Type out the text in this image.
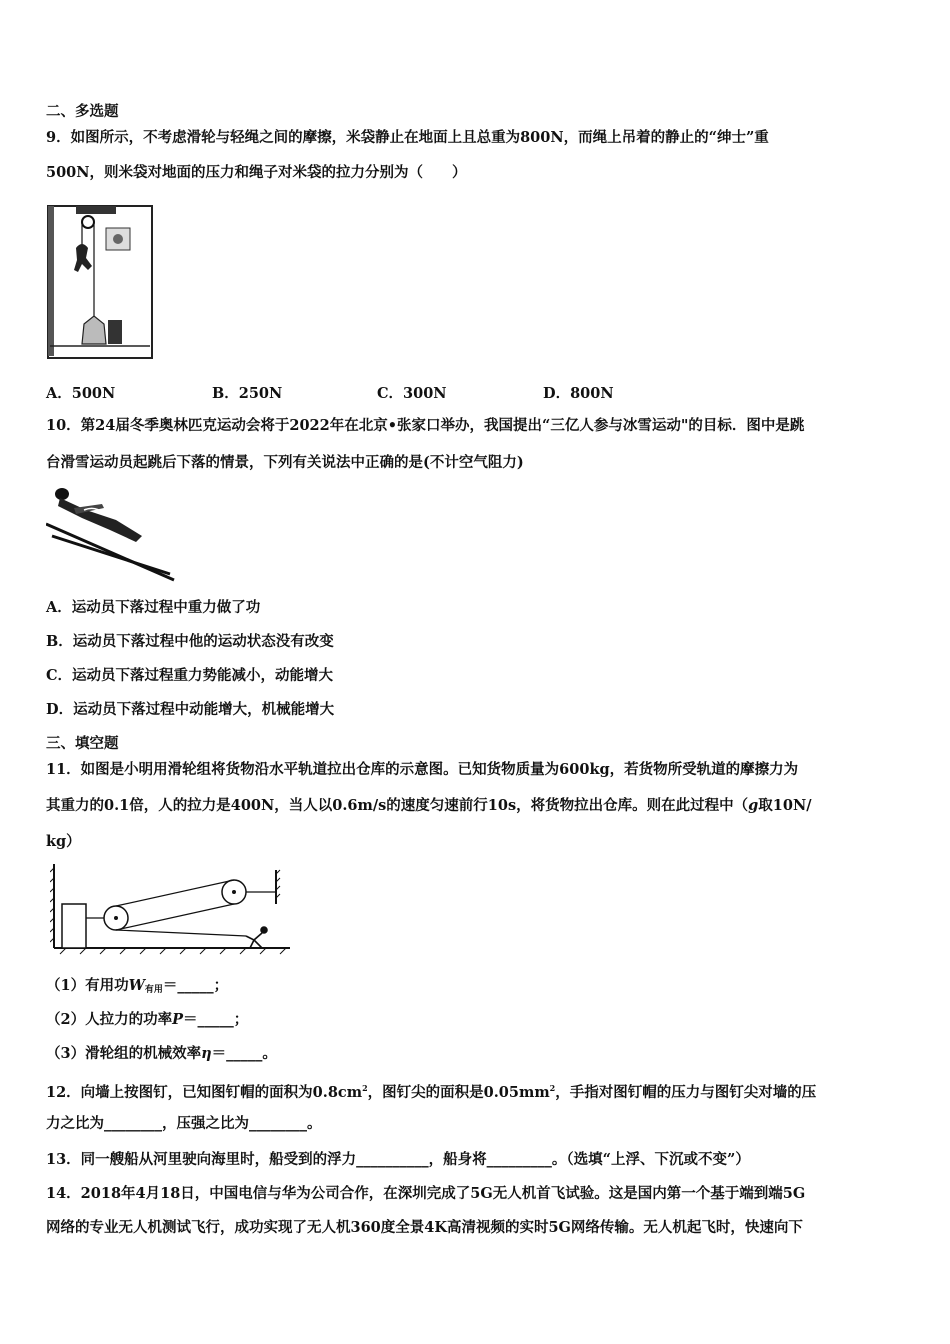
二、多选题
9．如图所示，不考虑滑轮与轻绳之间的摩擦，米袋静止在地面上且总重为800N，而绳上吊着的静止的“绅士”重
500N，则米袋对地面的压力和绳子对米袋的拉力分别为（　　）
A．500N	B．250N	C．300N	D．800N
10．第24届冬季奥林匹克运动会将于2022年在北京•张家口举办，我国提出“三亿人参与冰雪运动"的目标．图中是跳
台滑雪运动员起跳后下落的情景，下列有关说法中正确的是(不计空气阻力)
A．运动员下落过程中重力做了功
B．运动员下落过程中他的运动状态没有改变
C．运动员下落过程重力势能减小，动能增大
D．运动员下落过程中动能增大，机械能增大
三、填空题
11．如图是小明用滑轮组将货物沿水平轨道拉出仓库的示意图。已知货物质量为600kg，若货物所受轨道的摩擦力为
其重力的0.1倍，人的拉力是400N，当人以0.6m/s的速度匀速前行10s，将货物拉出仓库。则在此过程中（g取10N/
kg）
（1）有用功$W_{有用}=\_\_\_\_\_$；
（2）人拉力的功率P＝_____；
（3）滑轮组的机械效率η＝_____。
12．向墙上按图钉，已知图钉帽的面积为$0.8cm^2$，图钉尖的面积是$0.05mm^2$，手指对图钉帽的压力与图钉尖对墙的压
力之比为________，压强之比为________。
13．同一艘船从河里驶向海里时，船受到的浮力__________，船身将_________。（选填“上浮、下沉或不变”）
14．2018年4月18日，中国电信与华为公司合作，在深圳完成了5G无人机首飞试验。这是国内第一个基于端到端5G
网络的专业无人机测试飞行，成功实现了无人机360度全景4K高清视频的实时5G网络传输。无人机起飞时，快速向下
